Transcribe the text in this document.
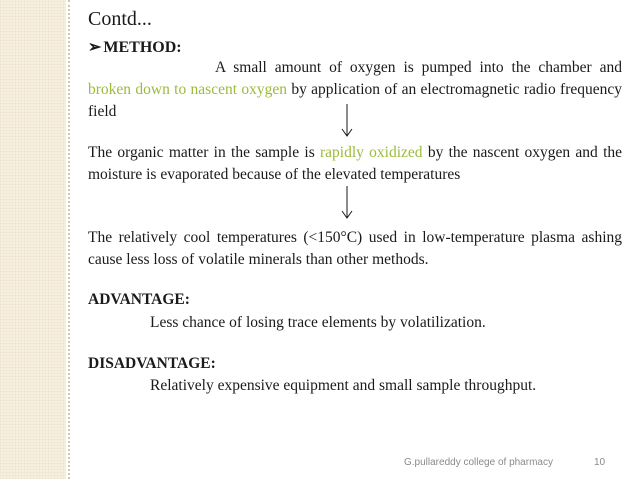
Contd...
➢ METHOD:
A small amount of oxygen is pumped into the chamber and broken down to nascent oxygen by application of an electromagnetic radio frequency field
The organic matter in the sample is rapidly oxidized by the nascent oxygen and the moisture is evaporated because of the elevated temperatures
The relatively cool temperatures (<150°C) used in low-temperature plasma ashing cause less loss of volatile minerals than other methods.
ADVANTAGE:
Less chance of losing trace elements by volatilization.
DISADVANTAGE:
Relatively expensive equipment and small sample throughput.
G.pullareddy college of pharmacy	10
